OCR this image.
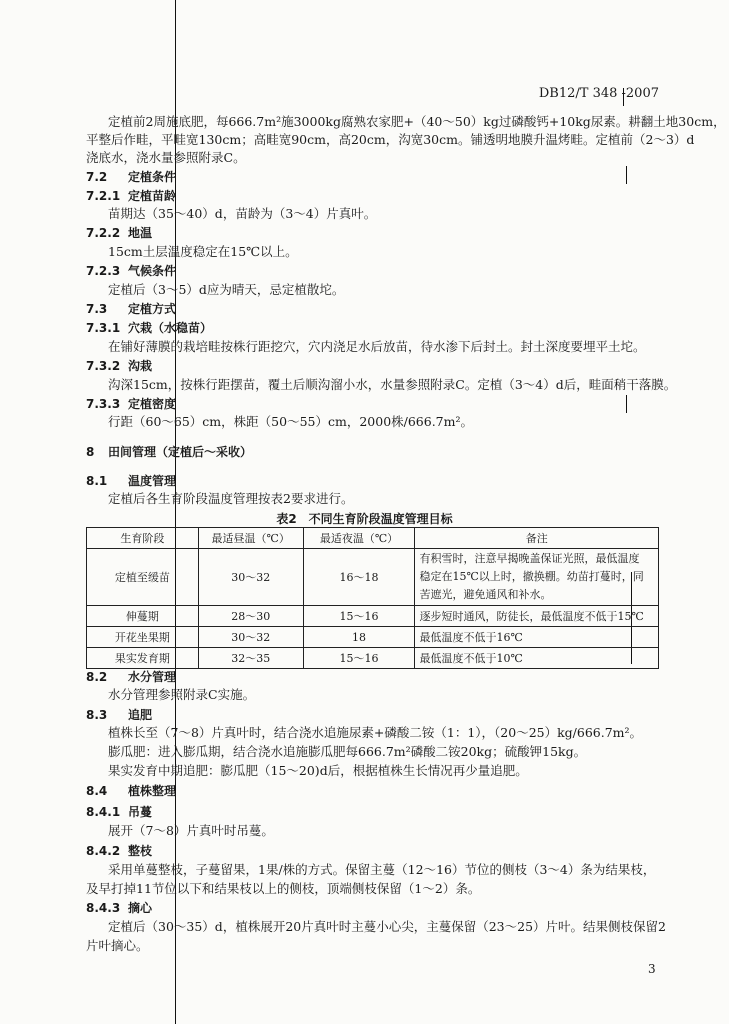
DB12/T 348 -2007
定植前2周施底肥，每666.7m²施3000kg腐熟农家肥+（40～50）kg过磷酸钙+10kg尿素。耕翻土地30cm，
平整后作畦，平畦宽130cm；高畦宽90cm，高20cm，沟宽30cm。铺透明地膜升温烤畦。定植前（2～3）d
浇底水，浇水量参照附录C。
7.2 定植条件
7.2.1 定植苗龄
苗期达（35～40）d，苗龄为（3～4）片真叶。
7.2.2 地温
15cm土层温度稳定在15℃以上。
7.2.3 气候条件
定植后（3～5）d应为晴天，忌定植散坨。
7.3 定植方式
7.3.1 穴栽（水稳苗）
在铺好薄膜的栽培畦按株行距挖穴，穴内浇足水后放苗，待水渗下后封土。封土深度要埋平土坨。
7.3.2 沟栽
沟深15cm，按株行距摆苗，覆土后顺沟溜小水，水量参照附录C。定植（3～4）d后，畦面稍干落膜。
7.3.3 定植密度
行距（60～65）cm，株距（50～55）cm，2000株/666.7m²。
8 田间管理（定植后～采收）
8.1 温度管理
定植后各生育阶段温度管理按表2要求进行。
表2　不同生育阶段温度管理目标
生育阶段	最适昼温（℃）	最适夜温（℃）	备注
定植至缓苗	30～32	16～18	有积雪时，注意早揭晚盖保证光照，最低温度
稳定在15℃以上时，撤换棚。幼苗打蔓时，同
苦遮光，避免通风和补水。

伸蔓期	28～30	15～16	逐步短时通风，防徒长，最低温度不低于15℃
开花坐果期	30～32	18	最低温度不低于16℃
果实发育期	32～35	15～16	最低温度不低于10℃
8.2 水分管理
水分管理参照附录C实施。
8.3 追肥
植株长至（7～8）片真叶时，结合浇水追施尿素+磷酸二铵（1：1），（20～25）kg/666.7m²。
膨瓜肥：进入膨瓜期，结合浇水追施膨瓜肥每666.7m²磷酸二铵20kg；硫酸钾15kg。
果实发育中期追肥：膨瓜肥（15～20)d后，根据植株生长情况再少量追肥。
8.4 植株整理
8.4.1 吊蔓
展开（7～8）片真叶时吊蔓。
8.4.2 整枝
采用单蔓整枝，子蔓留果，1果/株的方式。保留主蔓（12～16）节位的侧枝（3～4）条为结果枝，
及早打掉11节位以下和结果枝以上的侧枝，顶端侧枝保留（1～2）条。
8.4.3 摘心
定植后（30～35）d，植株展开20片真叶时主蔓小心尖，主蔓保留（23～25）片叶。结果侧枝保留2
片叶摘心。
3
